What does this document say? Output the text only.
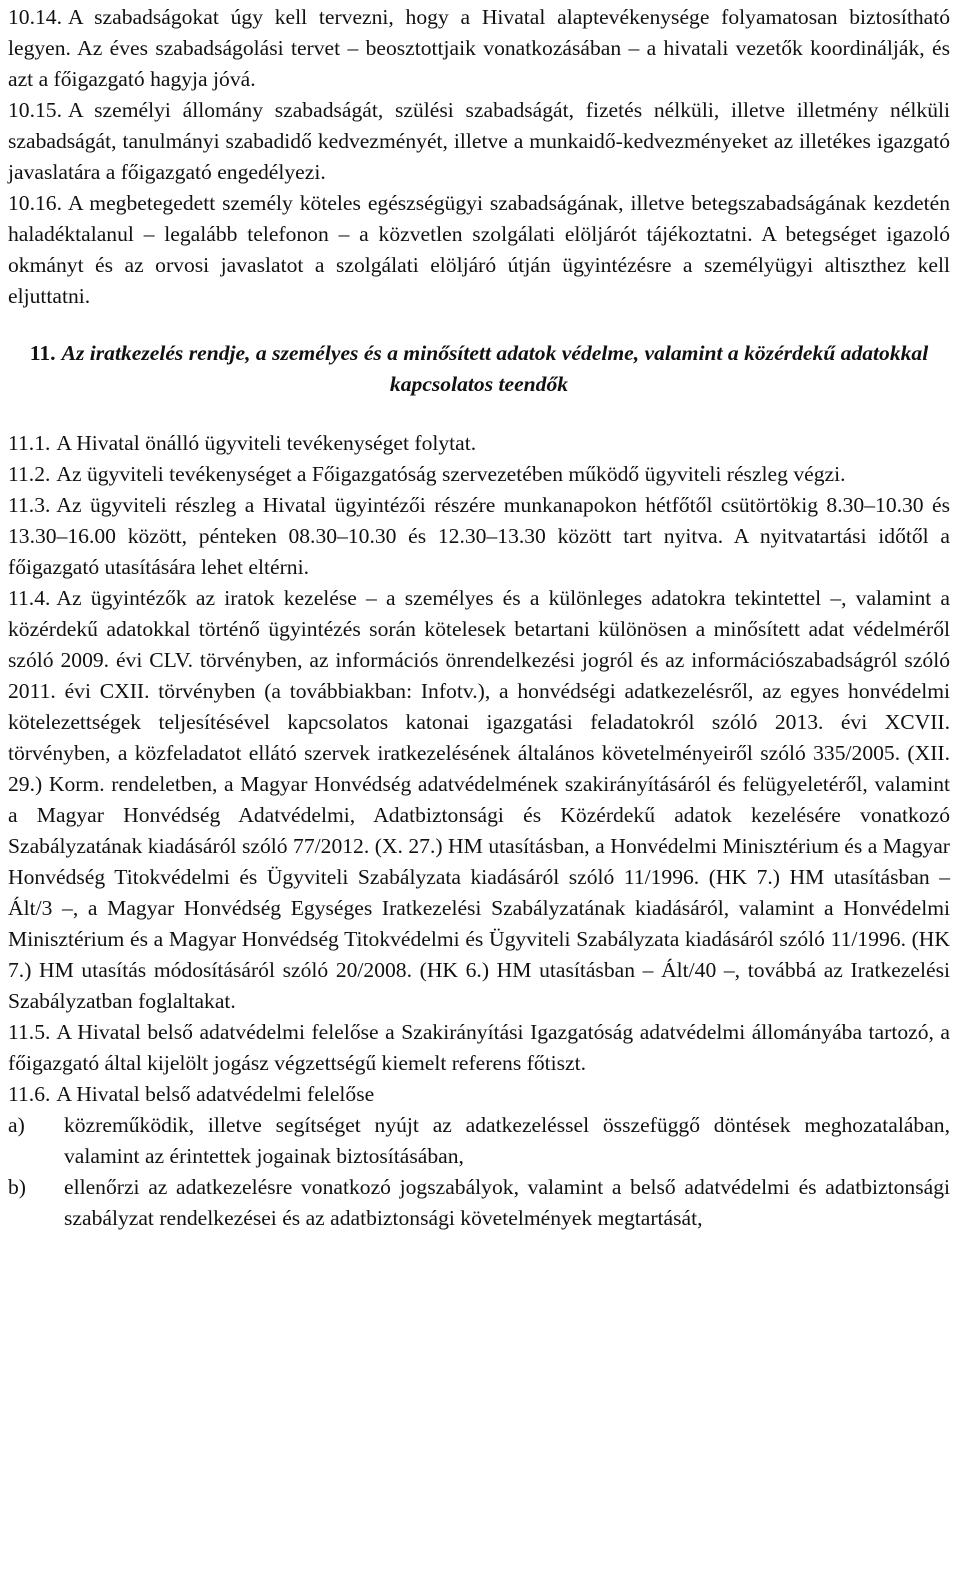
10.14. A szabadságokat úgy kell tervezni, hogy a Hivatal alaptevékenysége folyamatosan biztosítható legyen. Az éves szabadságolási tervet – beosztottjaik vonatkozásában – a hivatali vezetők koordinálják, és azt a főigazgató hagyja jóvá.

10.15. A személyi állomány szabadságát, szülési szabadságát, fizetés nélküli, illetve illetmény nélküli szabadságát, tanulmányi szabadidő kedvezményét, illetve a munkaidő-kedvezményeket az illetékes igazgató javaslatára a főigazgató engedélyezi.

10.16. A megbetegedett személy köteles egészségügyi szabadságának, illetve betegszabadságának kezdetén haladéktalanul – legalább telefonon – a közvetlen szolgálati elöljárót tájékoztatni. A betegséget igazoló okmányt és az orvosi javaslatot a szolgálati elöljáró útján ügyintézésre a személyügyi altiszthez kell eljuttatni.

11. Az iratkezelés rendje, a személyes és a minősített adatok védelme, valamint a közérdekű adatokkal kapcsolatos teendők

11.1. A Hivatal önálló ügyviteli tevékenységet folytat.

11.2. Az ügyviteli tevékenységet a Főigazgatóság szervezetében működő ügyviteli részleg végzi.

11.3. Az ügyviteli részleg a Hivatal ügyintézői részére munkanapokon hétfőtől csütörtökig 8.30–10.30 és 13.30–16.00 között, pénteken 08.30–10.30 és 12.30–13.30 között tart nyitva. A nyitvatartási időtől a főigazgató utasítására lehet eltérni.

11.4. Az ügyintézők az iratok kezelése – a személyes és a különleges adatokra tekintettel –, valamint a közérdekű adatokkal történő ügyintézés során kötelesek betartani különösen a minősített adat védelméről szóló 2009. évi CLV. törvényben, az információs önrendelkezési jogról és az információszabadságról szóló 2011. évi CXII. törvényben (a továbbiakban: Infotv.), a honvédségi adatkezelésről, az egyes honvédelmi kötelezettségek teljesítésével kapcsolatos katonai igazgatási feladatokról szóló 2013. évi XCVII. törvényben, a közfeladatot ellátó szervek iratkezelésének általános követelményeiről szóló 335/2005. (XII. 29.) Korm. rendeletben, a Magyar Honvédség adatvédelmének szakirányításáról és felügyeletéről, valamint a Magyar Honvédség Adatvédelmi, Adatbiztonsági és Közérdekű adatok kezelésére vonatkozó Szabályzatának kiadásáról szóló 77/2012. (X. 27.) HM utasításban, a Honvédelmi Minisztérium és a Magyar Honvédség Titokvédelmi és Ügyviteli Szabályzata kiadásáról szóló 11/1996. (HK 7.) HM utasításban – Ált/3 –, a Magyar Honvédség Egységes Iratkezelési Szabályzatának kiadásáról, valamint a Honvédelmi Minisztérium és a Magyar Honvédség Titokvédelmi és Ügyviteli Szabályzata kiadásáról szóló 11/1996. (HK 7.) HM utasítás módosításáról szóló 20/2008. (HK 6.) HM utasításban – Ált/40 –, továbbá az Iratkezelési Szabályzatban foglaltakat.

11.5. A Hivatal belső adatvédelmi felelőse a Szakirányítási Igazgatóság adatvédelmi állományába tartozó, a főigazgató által kijelölt jogász végzettségű kiemelt referens főtiszt.

11.6. A Hivatal belső adatvédelmi felelőse

a) közreműködik, illetve segítséget nyújt az adatkezeléssel összefüggő döntések meghozatalában, valamint az érintettek jogainak biztosításában,

b) ellenőrzi az adatkezelésre vonatkozó jogszabályok, valamint a belső adatvédelmi és adatbiztonsági szabályzat rendelkezései és az adatbiztonsági követelmények megtartását,
